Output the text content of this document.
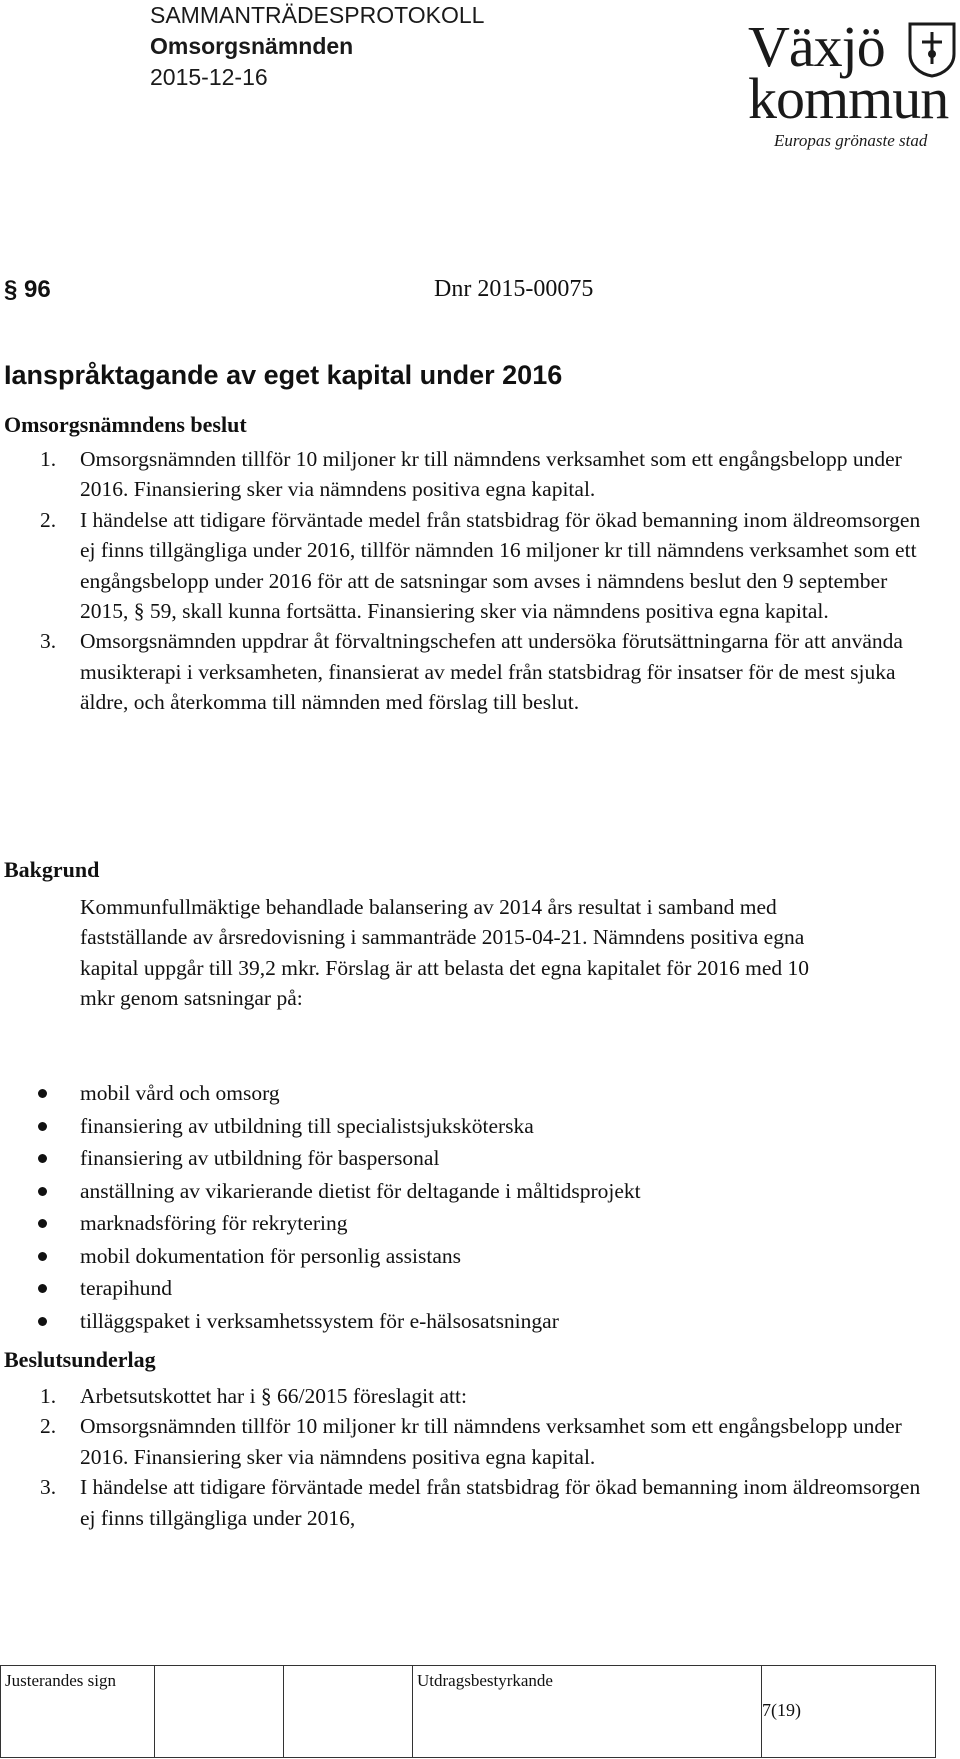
SAMMANTRÄDESPROTOKOLL
Omsorgsnämnden
2015-12-16	Växjö
kommun
Europas grönaste stad
§ 96	Dnr 2015-00075
Ianspråktagande av eget kapital under 2016
Omsorgsnämndens beslut
1. Omsorgsnämnden tillför 10 miljoner kr till nämndens verksamhet som ett engångsbelopp under 2016. Finansiering sker via nämndens positiva egna kapital.
2. I händelse att tidigare förväntade medel från statsbidrag för ökad bemanning inom äldreomsorgen ej finns tillgängliga under 2016, tillför nämnden 16 miljoner kr till nämndens verksamhet som ett engångsbelopp under 2016 för att de satsningar som avses i nämndens beslut den 9 september 2015, § 59, skall kunna fortsätta. Finansiering sker via nämndens positiva egna kapital.
3. Omsorgsnämnden uppdrar åt förvaltningschefen att undersöka förutsättningarna för att använda musikterapi i verksamheten, finansierat av medel från statsbidrag för insatser för de mest sjuka äldre, och återkomma till nämnden med förslag till beslut.
Bakgrund
Kommunfullmäktige behandlade balansering av 2014 års resultat i samband med fastställande av årsredovisning i sammanträde 2015-04-21. Nämndens positiva egna kapital uppgår till 39,2 mkr. Förslag är att belasta det egna kapitalet för 2016 med 10 mkr genom satsningar på:
mobil vård och omsorg
finansiering av utbildning till specialistsjuksköterska
finansiering av utbildning för baspersonal
anställning av vikarierande dietist för deltagande i måltidsprojekt
marknadsföring för rekrytering
mobil dokumentation för personlig assistans
terapihund
tilläggspaket i verksamhetssystem för e-hälsosatsningar
Beslutsunderlag
1. Arbetsutskottet har i § 66/2015 föreslagit att:
2. Omsorgsnämnden tillför 10 miljoner kr till nämndens verksamhet som ett engångsbelopp under 2016. Finansiering sker via nämndens positiva egna kapital.
3. I händelse att tidigare förväntade medel från statsbidrag för ökad bemanning inom äldreomsorgen ej finns tillgängliga under 2016,
Justerandes sign			Utdragsbestyrkande	
7(19)
